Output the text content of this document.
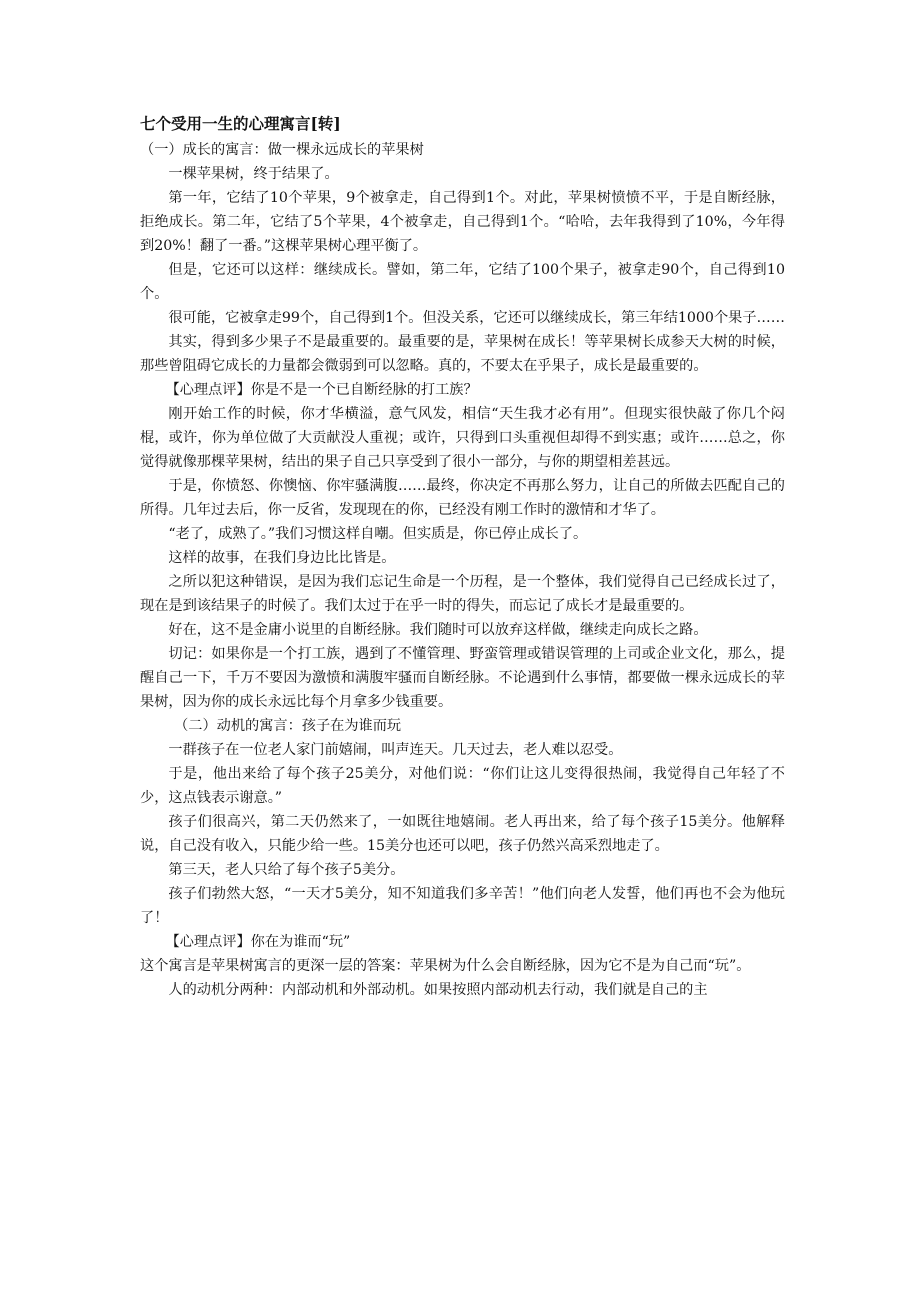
七个受用一生的心理寓言[转]

（一）成长的寓言：做一棵永远成长的苹果树

一棵苹果树，终于结果了。

第一年，它结了10个苹果，9个被拿走，自己得到1个。对此，苹果树愤愤不平，于是自断经脉，拒绝成长。第二年，它结了5个苹果，4个被拿走，自己得到1个。“哈哈，去年我得到了10%，今年得到20%！翻了一番。”这棵苹果树心理平衡了。

但是，它还可以这样：继续成长。譬如，第二年，它结了100个果子，被拿走90个，自己得到10个。

很可能，它被拿走99个，自己得到1个。但没关系，它还可以继续成长，第三年结1000个果子……

其实，得到多少果子不是最重要的。最重要的是，苹果树在成长！等苹果树长成参天大树的时候，那些曾阻碍它成长的力量都会微弱到可以忽略。真的，不要太在乎果子，成长是最重要的。

【心理点评】你是不是一个已自断经脉的打工族？

刚开始工作的时候，你才华横溢，意气风发，相信“天生我才必有用”。但现实很快敲了你几个闷棍，或许，你为单位做了大贡献没人重视；或许，只得到口头重视但却得不到实惠；或许……总之，你觉得就像那棵苹果树，结出的果子自己只享受到了很小一部分，与你的期望相差甚远。

于是，你愤怒、你懊恼、你牢骚满腹……最终，你决定不再那么努力，让自己的所做去匹配自己的所得。几年过去后，你一反省，发现现在的你，已经没有刚工作时的激情和才华了。

“老了，成熟了。”我们习惯这样自嘲。但实质是，你已停止成长了。

这样的故事，在我们身边比比皆是。

之所以犯这种错误，是因为我们忘记生命是一个历程，是一个整体，我们觉得自己已经成长过了，现在是到该结果子的时候了。我们太过于在乎一时的得失，而忘记了成长才是最重要的。

好在，这不是金庸小说里的自断经脉。我们随时可以放弃这样做，继续走向成长之路。

切记：如果你是一个打工族，遇到了不懂管理、野蛮管理或错误管理的上司或企业文化，那么，提醒自己一下，千万不要因为激愤和满腹牢骚而自断经脉。不论遇到什么事情，都要做一棵永远成长的苹果树，因为你的成长永远比每个月拿多少钱重要。

（二）动机的寓言：孩子在为谁而玩

一群孩子在一位老人家门前嬉闹，叫声连天。几天过去，老人难以忍受。

于是，他出来给了每个孩子25美分，对他们说：“你们让这儿变得很热闹，我觉得自己年轻了不少，这点钱表示谢意。”

孩子们很高兴，第二天仍然来了，一如既往地嬉闹。老人再出来，给了每个孩子15美分。他解释说，自己没有收入，只能少给一些。15美分也还可以吧，孩子仍然兴高采烈地走了。

第三天，老人只给了每个孩子5美分。

孩子们勃然大怒，“一天才5美分，知不知道我们多辛苦！”他们向老人发誓，他们再也不会为他玩了！

【心理点评】你在为谁而“玩”

这个寓言是苹果树寓言的更深一层的答案：苹果树为什么会自断经脉，因为它不是为自己而“玩”。

人的动机分两种：内部动机和外部动机。如果按照内部动机去行动，我们就是自己的主
